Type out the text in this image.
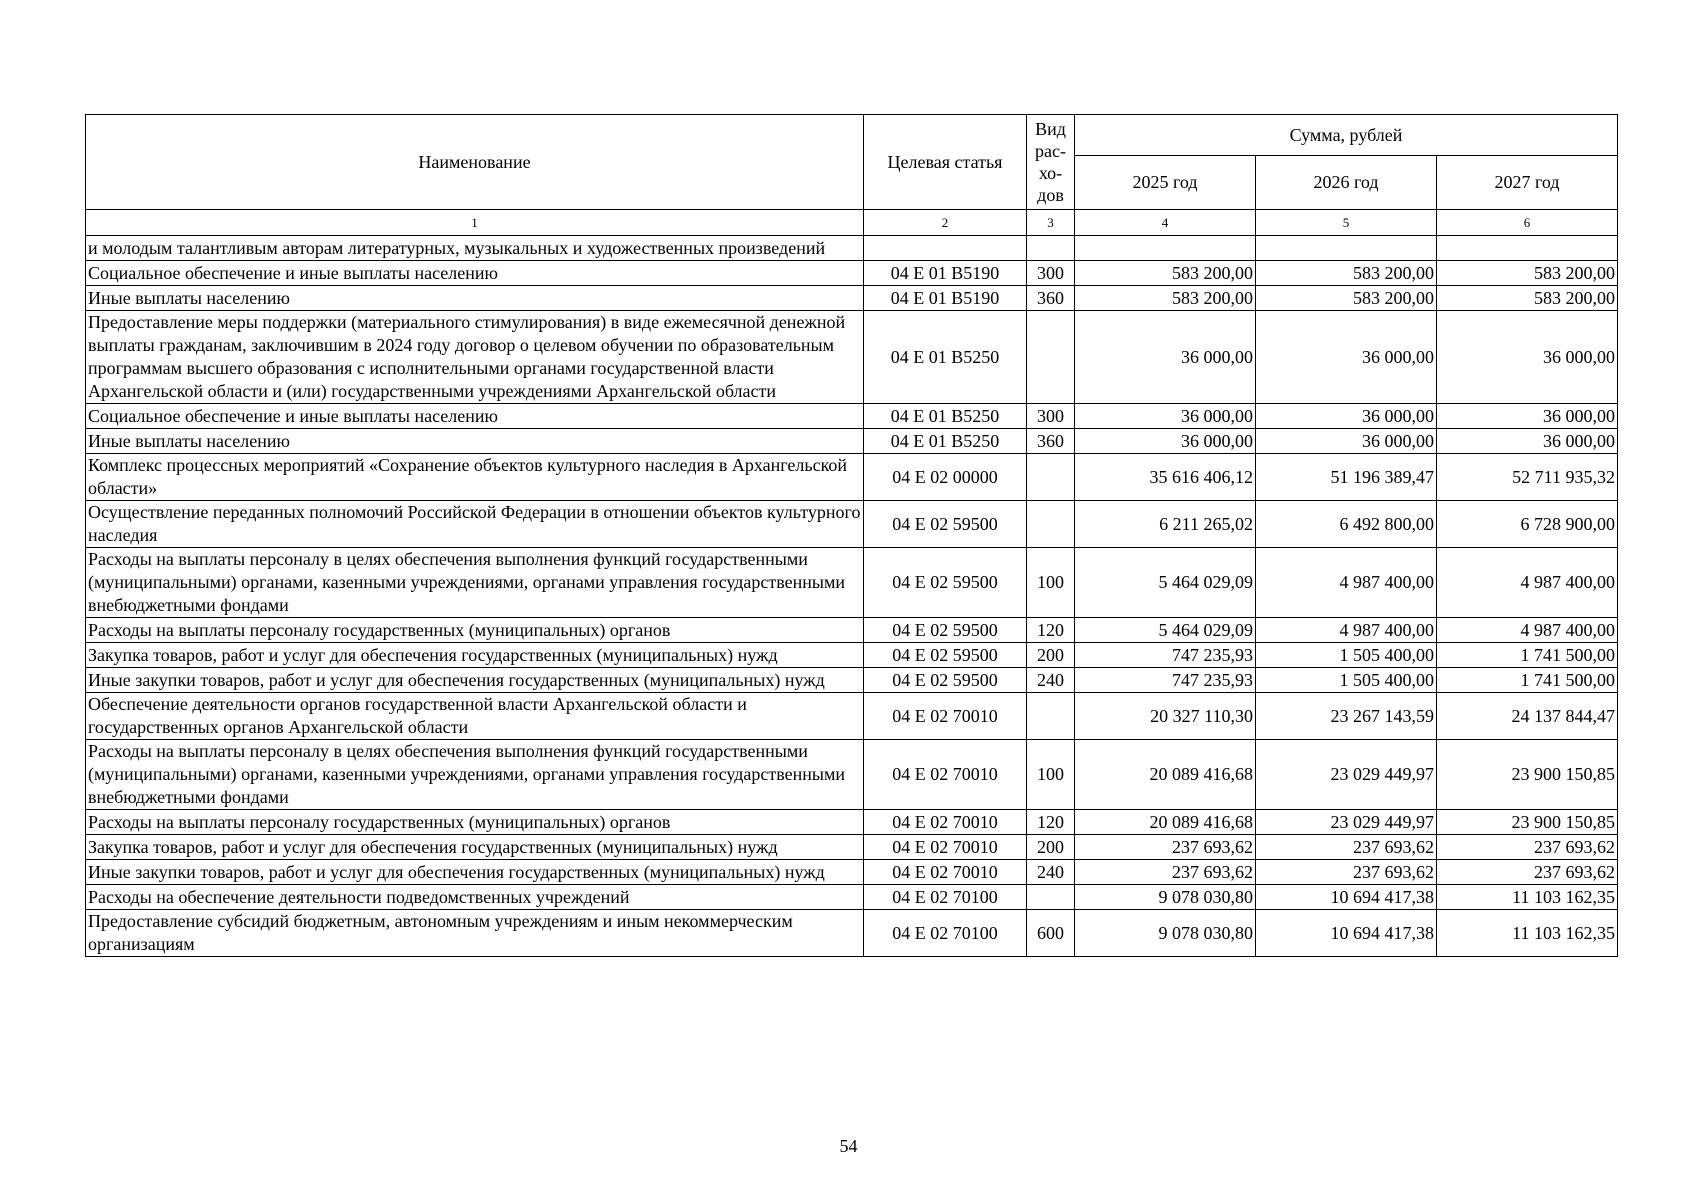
Наименование	Целевая статья	Вид рас-хо-дов	Сумма, рублей		
			2025 год	2026 год	2027 год
1	2	3	4	5	6
и молодым талантливым авторам литературных, музыкальных и художественных произведений					
Социальное обеспечение и иные выплаты населению	04 Е 01 В5190	300	583 200,00	583 200,00	583 200,00
Иные выплаты населению	04 Е 01 В5190	360	583 200,00	583 200,00	583 200,00
Предоставление меры поддержки (материального стимулирования) в виде ежемесячной денежной выплаты гражданам, заключившим в 2024 году договор о целевом обучении по образовательным программам высшего образования с исполнительными органами государственной власти Архангельской области и (или) государственными учреждениями Архангельской области	04 Е 01 В5250		36 000,00	36 000,00	36 000,00
Социальное обеспечение и иные выплаты населению	04 Е 01 В5250	300	36 000,00	36 000,00	36 000,00
Иные выплаты населению	04 Е 01 В5250	360	36 000,00	36 000,00	36 000,00
Комплекс процессных мероприятий «Сохранение объектов культурного наследия в Архангельской области»	04 Е 02 00000		35 616 406,12	51 196 389,47	52 711 935,32
Осуществление переданных полномочий Российской Федерации в отношении объектов культурного наследия	04 Е 02 59500		6 211 265,02	6 492 800,00	6 728 900,00
Расходы на выплаты персоналу в целях обеспечения выполнения функций государственными (муниципальными) органами, казенными учреждениями, органами управления государственными внебюджетными фондами	04 Е 02 59500	100	5 464 029,09	4 987 400,00	4 987 400,00
Расходы на выплаты персоналу государственных (муниципальных) органов	04 Е 02 59500	120	5 464 029,09	4 987 400,00	4 987 400,00
Закупка товаров, работ и услуг для обеспечения государственных (муниципальных) нужд	04 Е 02 59500	200	747 235,93	1 505 400,00	1 741 500,00
Иные закупки товаров, работ и услуг для обеспечения государственных (муниципальных) нужд	04 Е 02 59500	240	747 235,93	1 505 400,00	1 741 500,00
Обеспечение деятельности органов государственной власти Архангельской области и государственных органов Архангельской области	04 Е 02 70010		20 327 110,30	23 267 143,59	24 137 844,47
Расходы на выплаты персоналу в целях обеспечения выполнения функций государственными (муниципальными) органами, казенными учреждениями, органами управления государственными внебюджетными фондами	04 Е 02 70010	100	20 089 416,68	23 029 449,97	23 900 150,85
Расходы на выплаты персоналу государственных (муниципальных) органов	04 Е 02 70010	120	20 089 416,68	23 029 449,97	23 900 150,85
Закупка товаров, работ и услуг для обеспечения государственных (муниципальных) нужд	04 Е 02 70010	200	237 693,62	237 693,62	237 693,62
Иные закупки товаров, работ и услуг для обеспечения государственных (муниципальных) нужд	04 Е 02 70010	240	237 693,62	237 693,62	237 693,62
Расходы на обеспечение деятельности подведомственных учреждений	04 Е 02 70100		9 078 030,80	10 694 417,38	11 103 162,35
Предоставление субсидий бюджетным, автономным учреждениям и иным некоммерческим организациям	04 Е 02 70100	600	9 078 030,80	10 694 417,38	11 103 162,35
54
